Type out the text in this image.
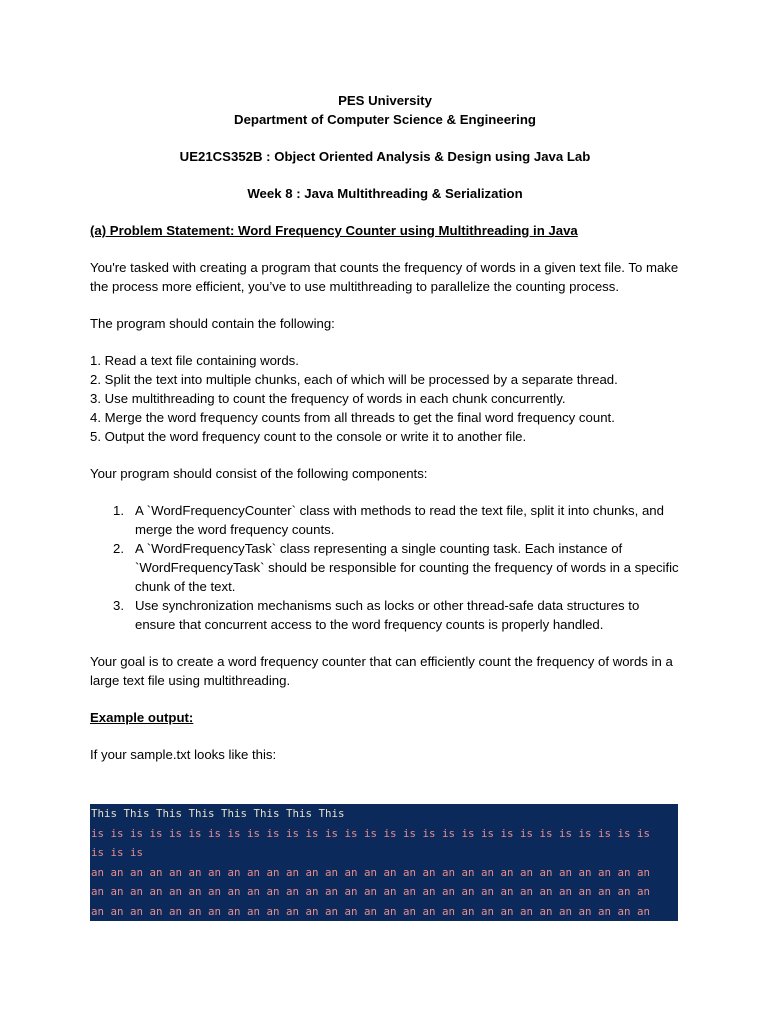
PES University

Department of Computer Science & Engineering

UE21CS352B : Object Oriented Analysis & Design using Java Lab

Week 8 : Java Multithreading & Serialization

(a) Problem Statement: Word Frequency Counter using Multithreading in Java

You're tasked with creating a program that counts the frequency of words in a given text file. To make the process more efficient, you’ve to use multithreading to parallelize the counting process.

The program should contain the following:

1. Read a text file containing words.
2. Split the text into multiple chunks, each of which will be processed by a separate thread.
3. Use multithreading to count the frequency of words in each chunk concurrently.
4. Merge the word frequency counts from all threads to get the final word frequency count.
5. Output the word frequency count to the console or write it to another file.

Your program should consist of the following components:

1. A `WordFrequencyCounter` class with methods to read the text file, split it into chunks, and merge the word frequency counts.
2. A `WordFrequencyTask` class representing a single counting task. Each instance of `WordFrequencyTask` should be responsible for counting the frequency of words in a specific chunk of the text.
3. Use synchronization mechanisms such as locks or other thread-safe data structures to ensure that concurrent access to the word frequency counts is properly handled.

Your goal is to create a word frequency counter that can efficiently count the frequency of words in a large text file using multithreading.

Example output:

If your sample.txt looks like this:

This This This This This This This This
is is is is is is is is is is is is is is is is is is is is is is is is is is is is is
is is is
an an an an an an an an an an an an an an an an an an an an an an an an an an an an an
an an an an an an an an an an an an an an an an an an an an an an an an an an an an an
an an an an an an an an an an an an an an an an an an an an an an an an an an an an an
